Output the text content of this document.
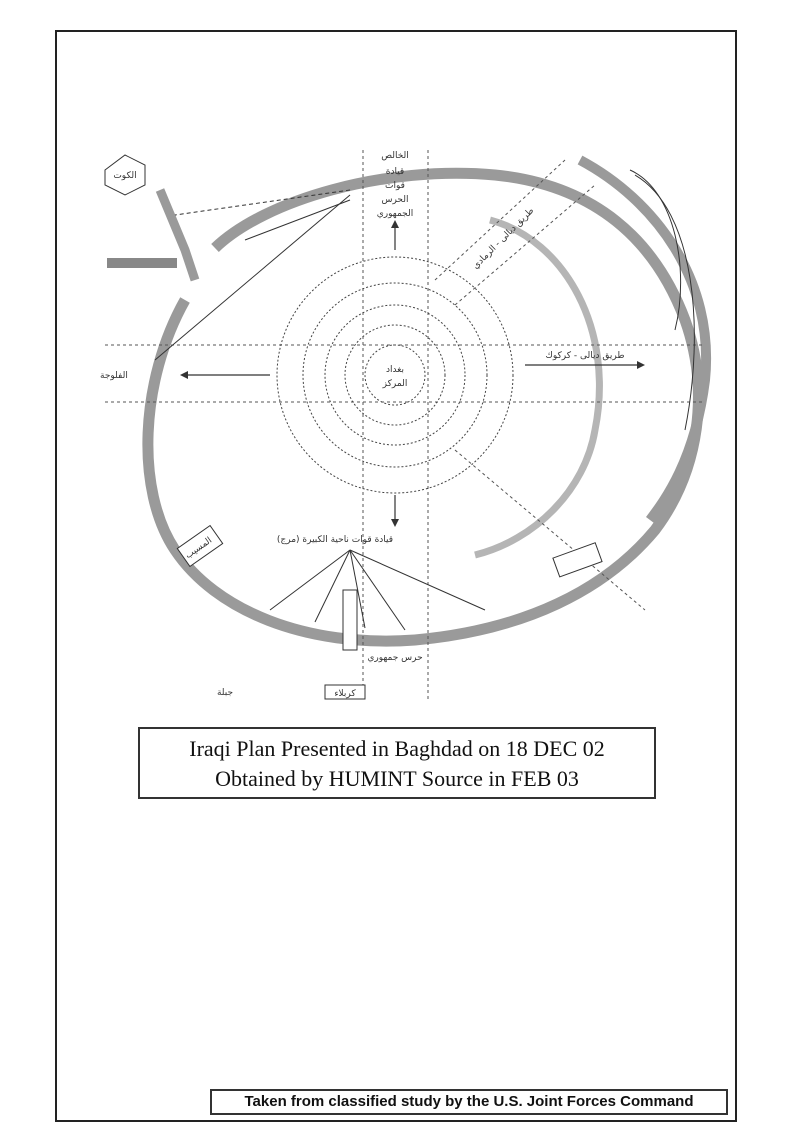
بغداد
المركز
الخالص
قيادة
قوات
الحرس
الجمهوري
طريق ديالى - كركوك
قيادة قوات ناحية الكبيرة (مرج)
طريق ديالى - الرمادي
الفلوجة
المسيب
جبلة	كربلاء
الكوت
حرس جمهوري
Iraqi Plan Presented in Baghdad on 18 DEC 02
Obtained by HUMINT Source in FEB 03
Taken from classified study by the U.S. Joint Forces Command
